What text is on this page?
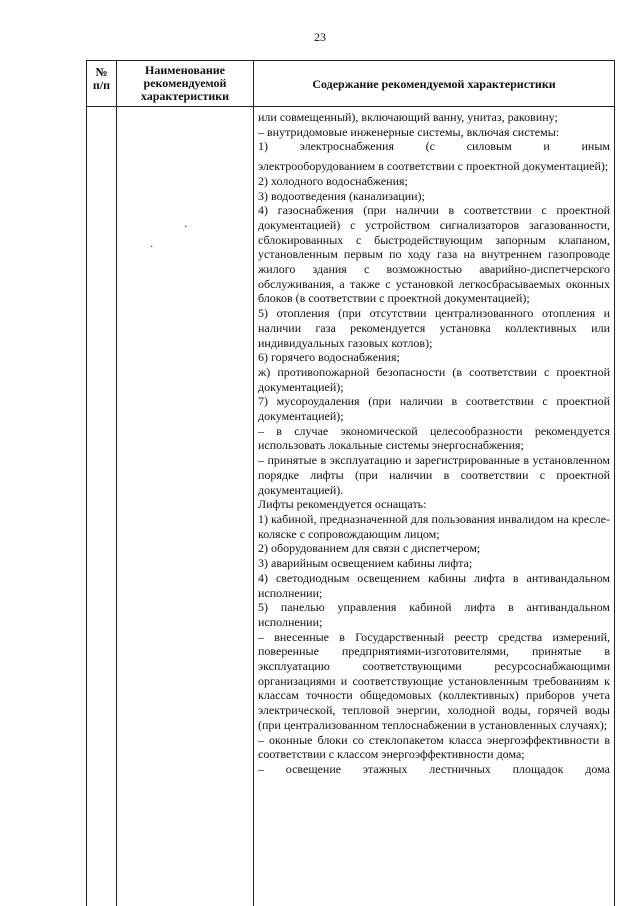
23
№
п/п
Наименование
рекомендуемой
характеристики
Содержание рекомендуемой характеристики
·
·
или совмещенный), включающий ванну, унитаз, раковину;
– внутридомовые инженерные системы, включая системы:
1) электроснабжения (с силовым и иным
электрооборудованием в соответствии с проектной документацией);
2) холодного водоснабжения;
3) водоотведения (канализации);
4) газоснабжения (при наличии в соответствии с проектной документацией) с устройством сигнализаторов загазованности, сблокированных с быстродействующим запорным клапаном, установленным первым по ходу газа на внутреннем газопроводе жилого здания с возможностью аварийно-диспетчерского обслуживания, а также с установкой легкосбрасываемых оконных блоков (в соответствии с проектной документацией);
5) отопления (при отсутствии централизованного отопления и наличии газа рекомендуется установка коллективных или индивидуальных газовых котлов);
6) горячего водоснабжения;
ж) противопожарной безопасности (в соответствии с проектной документацией);
7) мусороудаления (при наличии в соответствии с проектной документацией);
– в случае экономической целесообразности рекомендуется использовать локальные системы энергоснабжения;
– принятые в эксплуатацию и зарегистрированные в установленном порядке лифты (при наличии в соответствии с проектной документацией).
Лифты рекомендуется оснащать:
1) кабиной, предназначенной для пользования инвалидом на кресле-коляске с сопровождающим лицом;
2) оборудованием для связи с диспетчером;
3) аварийным освещением кабины лифта;
4) светодиодным освещением кабины лифта в антивандальном исполнении;
5) панелью управления кабиной лифта в антивандальном исполнении;
– внесенные в Государственный реестр средства измерений, поверенные предприятиями-изготовителями, принятые в эксплуатацию соответствующими ресурсоснабжающими организациями и соответствующие установленным требованиям к классам точности общедомовых (коллективных) приборов учета электрической, тепловой энергии, холодной воды, горячей воды (при централизованном теплоснабжении в установленных случаях);
– оконные блоки со стеклопакетом класса энергоэффективности в соответствии с классом энергоэффективности дома;
– освещение этажных лестничных площадок дома
